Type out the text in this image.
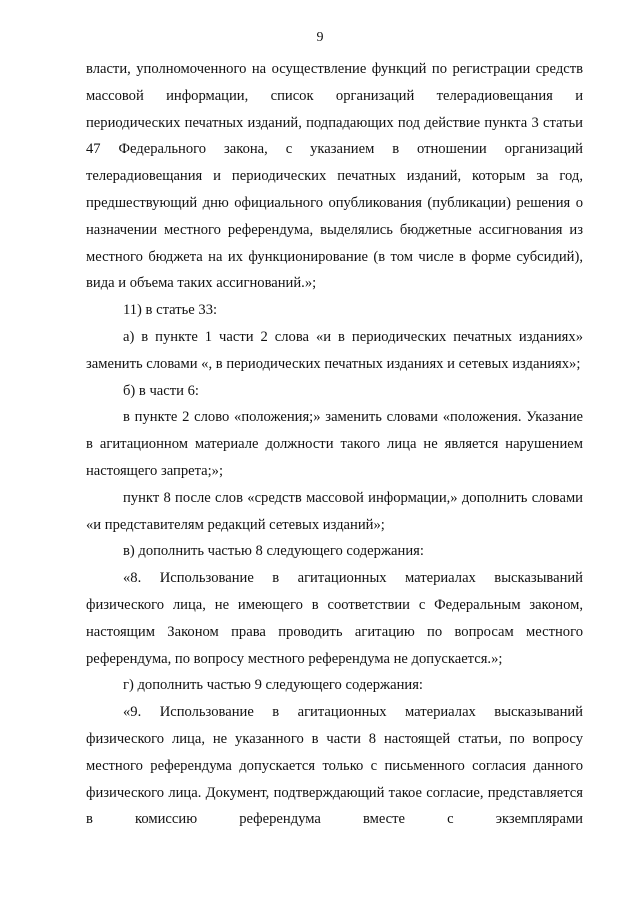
9

власти, уполномоченного на осуществление функций по регистрации средств массовой информации, список организаций телерадиовещания и периодических печатных изданий, подпадающих под действие пункта 3 статьи 47 Федерального закона, с указанием в отношении организаций телерадиовещания и периодических печатных изданий, которым за год, предшествующий дню официального опубликования (публикации) решения о назначении местного референдума, выделялись бюджетные ассигнования из местного бюджета на их функционирование (в том числе в форме субсидий), вида и объема таких ассигнований.»;

11) в статье 33:

а) в пункте 1 части 2 слова «и в периодических печатных изданиях» заменить словами «, в периодических печатных изданиях и сетевых изданиях»;

б) в части 6:

в пункте 2 слово «положения;» заменить словами «положения. Указание в агитационном материале должности такого лица не является нарушением настоящего запрета;»;

пункт 8 после слов «средств массовой информации,» дополнить словами «и представителям редакций сетевых изданий»;

в) дополнить частью 8 следующего содержания:

«8. Использование в агитационных материалах высказываний физического лица, не имеющего в соответствии с Федеральным законом, настоящим Законом права проводить агитацию по вопросам местного референдума, по вопросу местного референдума не допускается.»;

г) дополнить частью 9 следующего содержания:

«9. Использование в агитационных материалах высказываний физического лица, не указанного в части 8 настоящей статьи, по вопросу местного референдума допускается только с письменного согласия данного физического лица. Документ, подтверждающий такое согласие, представляется в комиссию референдума вместе с экземплярами
